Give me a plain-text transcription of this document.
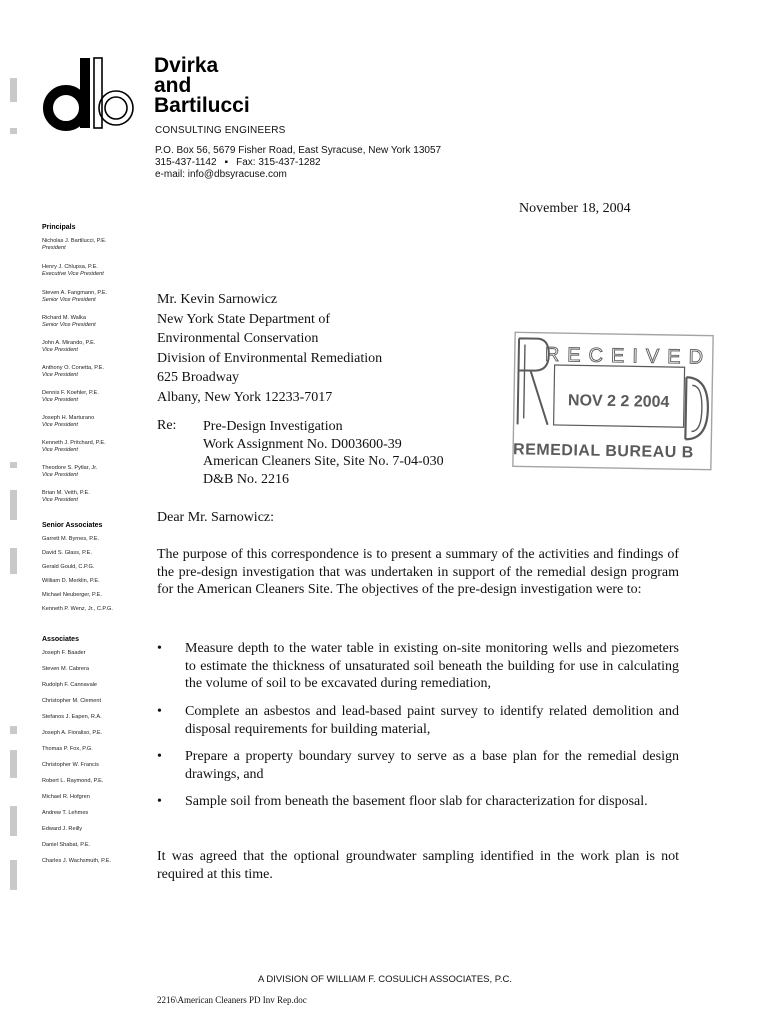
Dvirka
and
Bartilucci
CONSULTING ENGINEERS
P.O. Box 56, 5679 Fisher Road, East Syracuse, New York 13057
315-437-1142 ▪ Fax: 315-437-1282
e-mail: info@dbsyracuse.com
Principals
Nicholas J. Bartilucci, P.E.
President
Henry J. Chlupsa, P.E.
Executive Vice President
Steven A. Fangmann, P.E.
Senior Vice President
Richard M. Walka
Senior Vice President
John A. Mirando, P.E.
Vice President
Anthony O. Conetta, P.E.
Vice President
Dennis F. Koehler, P.E.
Vice President
Joseph H. Marturano
Vice President
Kenneth J. Pritchard, P.E.
Vice President
Theodore S. Pytlar, Jr.
Vice President
Brian M. Veith, P.E.
Vice President
Senior Associates
Garrett M. Byrnes, P.E.
David S. Glass, P.E.
Gerald Gould, C.P.G.
William D. Merklin, P.E.
Michael Neuberger, P.E.
Kenneth P. Wenz, Jr., C.P.G.
Associates
Joseph F. Baader
Steven M. Cabrera
Rudolph F. Cannavale
Christopher M. Clement
Stefanos J. Eapen, R.A.
Joseph A. Fioraliso, P.E.
Thomas P. Fox, P.G.
Christopher W. Francis
Robert L. Raymond, P.E.
Michael R. Hofgren
Andrew T. Lehmes
Edward J. Reilly
Daniel Shabat, P.E.
Charles J. Wachsmuth, P.E.
November 18, 2004
Mr. Kevin Sarnowicz
New York State Department of
Environmental Conservation
Division of Environmental Remediation
625 Broadway
Albany, New York 12233-7017
Re: Pre-Design Investigation
Work Assignment No. D003600-39
American Cleaners Site, Site No. 7-04-030
D&B No. 2216
Dear Mr. Sarnowicz:
The purpose of this correspondence is to present a summary of the activities and findings of the pre-design investigation that was undertaken in support of the remedial design program for the American Cleaners Site. The objectives of the pre-design investigation were to:
• Measure depth to the water table in existing on-site monitoring wells and piezometers to estimate the thickness of unsaturated soil beneath the building for use in calculating the volume of soil to be excavated during remediation,
• Complete an asbestos and lead-based paint survey to identify related demolition and disposal requirements for building material,
• Prepare a property boundary survey to serve as a base plan for the remedial design drawings, and
• Sample soil from beneath the basement floor slab for characterization for disposal.
It was agreed that the optional groundwater sampling identified in the work plan is not required at this time.
A DIVISION OF WILLIAM F. COSULICH ASSOCIATES, P.C.
2216\American Cleaners PD Inv Rep.doc
RECEIVED
NOV 2 2 2004
REMEDIAL BUREAU B
